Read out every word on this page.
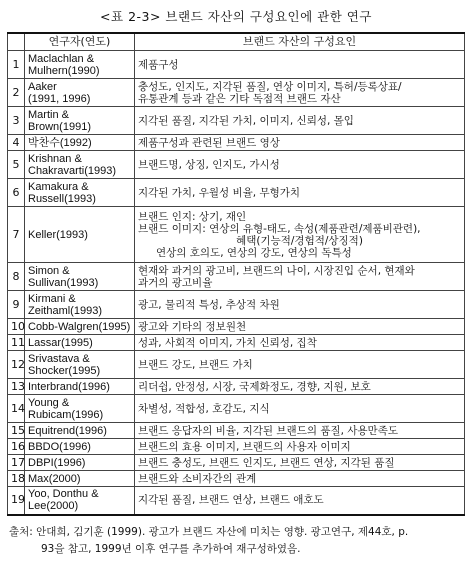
<표 2-3> 브랜드 자산의 구성요인에 관한 연구
	연구자(연도)	브랜드 자산의 구성요인
1	Maclachlan &
Mulhern(1990)	제품구성

2	Aaker
(1991, 1996)	충성도, 인지도, 지각된 품질, 연상 이미지, 특허/등록상표/
유통관계 등과 같은 기타 독점적 브랜드 자산

3	Martin &
Brown(1991)	지각된 품질, 지각된 가치, 이미지, 신뢰성, 몰입

4	박찬수(1992)	제품구성과 관련된 브랜드 영상

5	Krishnan &
Chakravarti(1993)	브랜드명, 상징, 인지도, 가시성

6	Kamakura &
Russell(1993)	지각된 가치, 우월성 비율, 무형가치

7	Keller(1993)	브랜드 인지: 상기, 재인
브랜드 이미지: 연상의 유형-태도, 속성(제품관련/제품비관련),
혜택(기능적/경험적/상징적)
연상의 호의도, 연상의 강도, 연상의 독특성

8	Simon &
Sullivan(1993)	현재와 과거의 광고비, 브랜드의 나이, 시장진입 순서, 현재와
과거의 광고비율

9	Kirmani &
Zeithaml(1993)	광고, 물리적 특성, 추상적 차원

10	Cobb-Walgren(1995)	광고와 기타의 정보원천

11	Lassar(1995)	성과, 사회적 이미지, 가치 신뢰성, 집착

12	Srivastava &
Shocker(1995)	브랜드 강도, 브랜드 가치

13	Interbrand(1996)	리더쉽, 안정성, 시장, 국제화정도, 경향, 지원, 보호

14	Young &
Rubicam(1996)	차별성, 적합성, 호감도, 지식

15	Equitrend(1996)	브랜드 응답자의 비율, 지각된 브랜드의 품질, 사용만족도

16	BBDO(1996)	브랜드의 효용 이미지, 브랜드의 사용자 이미지

17	DBPI(1996)	브랜드 충성도, 브랜드 인지도, 브랜드 연상, 지각된 품질

18	Max(2000)	브랜드와 소비자간의 관계

19	Yoo, Donthu &
Lee(2000)	지각된 품질, 브랜드 연상, 브랜드 애호도
출처: 안대희, 김기훈 (1999). 광고가 브랜드 자산에 미치는 영향. 광고연구, 제44호, p.
93을 참고, 1999년 이후 연구를 추가하여 재구성하였음.
